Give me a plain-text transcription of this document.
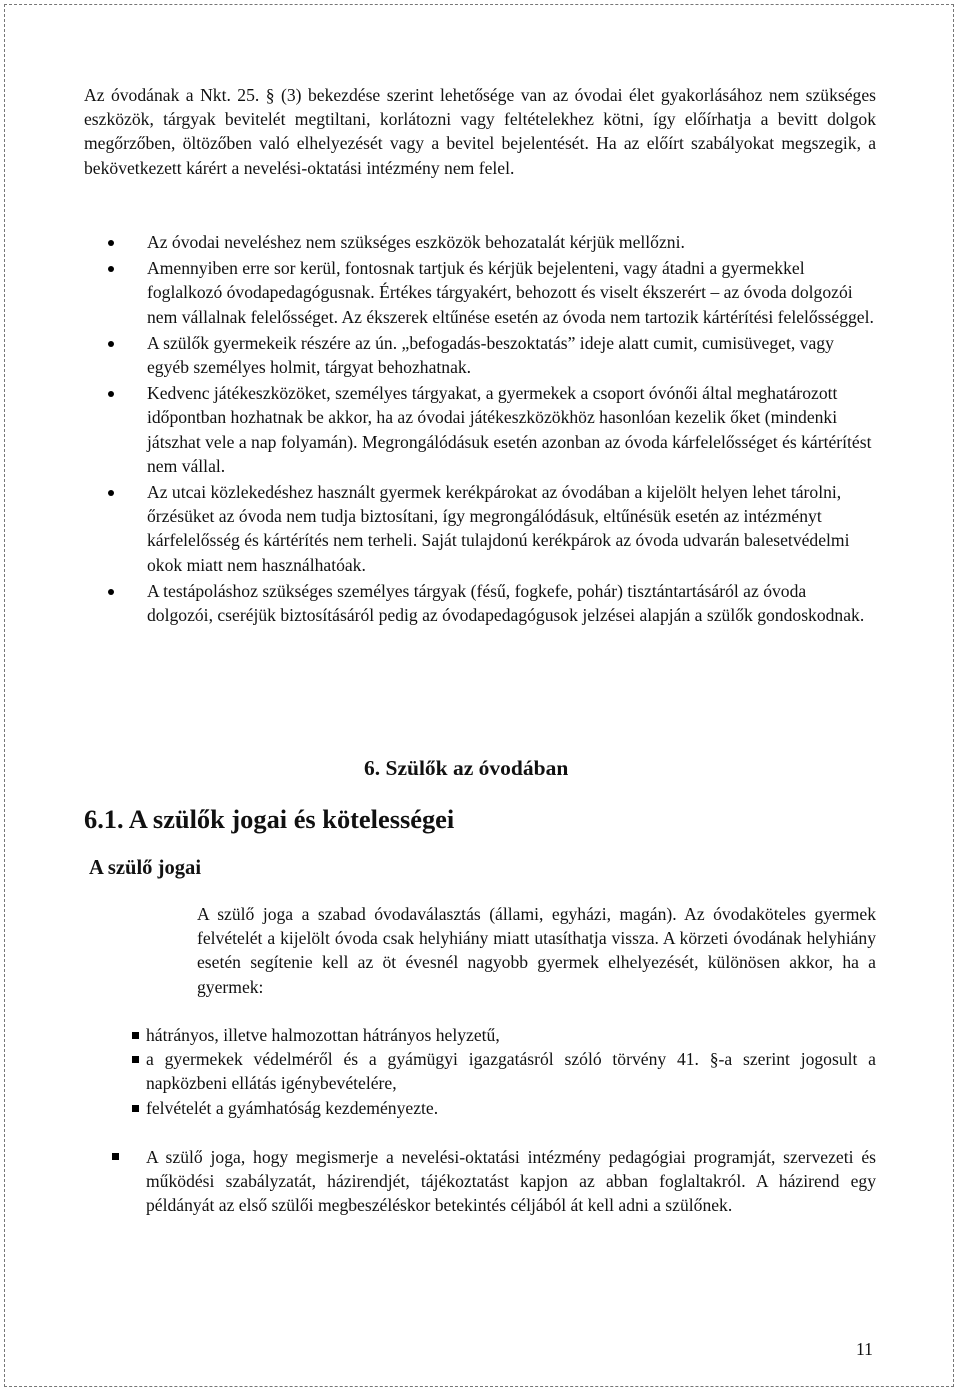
Az óvodának a Nkt. 25. § (3) bekezdése szerint lehetősége van az óvodai élet gyakorlásához nem szükséges eszközök, tárgyak bevitelét megtiltani, korlátozni vagy feltételekhez kötni, így előírhatja a bevitt dolgok megőrzőben, öltözőben való elhelyezését vagy a bevitel bejelentését. Ha az előírt szabályokat megszegik, a bekövetkezett kárért a nevelési-oktatási intézmény nem felel.

Az óvodai neveléshez nem szükséges eszközök behozatalát kérjük mellőzni.
Amennyiben erre sor kerül, fontosnak tartjuk és kérjük bejelenteni, vagy átadni a gyermekkel foglalkozó óvodapedagógusnak. Értékes tárgyakért, behozott és viselt ékszerért – az óvoda dolgozói nem vállalnak felelősséget. Az ékszerek eltűnése esetén az óvoda nem tartozik kártérítési felelősséggel.
A szülők gyermekeik részére az ún. „befogadás-beszoktatás” ideje alatt cumit, cumisüveget, vagy egyéb személyes holmit, tárgyat behozhatnak.
Kedvenc játékeszközöket, személyes tárgyakat, a gyermekek a csoport óvónői által meghatározott időpontban hozhatnak be akkor, ha az óvodai játékeszközökhöz hasonlóan kezelik őket (mindenki játszhat vele a nap folyamán). Megrongálódásuk esetén azonban az óvoda kárfelelősséget és kártérítést nem vállal.
Az utcai közlekedéshez használt gyermek kerékpárokat az óvodában a kijelölt helyen lehet tárolni, őrzésüket az óvoda nem tudja biztosítani, így megrongálódásuk, eltűnésük esetén az intézményt kárfelelősség és kártérítés nem terheli. Saját tulajdonú kerékpárok az óvoda udvarán balesetvédelmi okok miatt nem használhatóak.
A testápoláshoz szükséges személyes tárgyak (fésű, fogkefe, pohár) tisztántartásáról az óvoda dolgozói, cseréjük biztosításáról pedig az óvodapedagógusok jelzései alapján a szülők gondoskodnak.
6. Szülők az óvodában
6.1. A szülők jogai és kötelességei
A szülő jogai

A szülő joga a szabad óvodaválasztás (állami, egyházi, magán). Az óvodaköteles gyermek felvételét a kijelölt óvoda csak helyhiány miatt utasíthatja vissza. A körzeti óvodának helyhiány esetén segítenie kell az öt évesnél nagyobb gyermek elhelyezését, különösen akkor, ha a gyermek:

hátrányos, illetve halmozottan hátrányos helyzetű,
a gyermekek védelméről és a gyámügyi igazgatásról szóló törvény 41. §-a szerint jogosult a napközbeni ellátás igénybevételére,
felvételét a gyámhatóság kezdeményezte.
A szülő joga, hogy megismerje a nevelési-oktatási intézmény pedagógiai programját, szervezeti és működési szabályzatát, házirendjét, tájékoztatást kapjon az abban foglaltakról. A házirend egy példányát az első szülői megbeszéléskor betekintés céljából át kell adni a szülőnek.

11
